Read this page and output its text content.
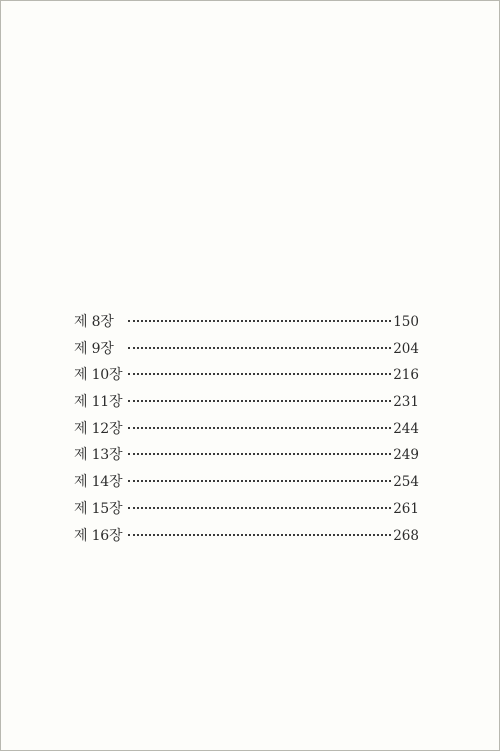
제 8장	150
제 9장	204
제 10장	216
제 11장	231
제 12장	244
제 13장	249
제 14장	254
제 15장	261
제 16장	268
